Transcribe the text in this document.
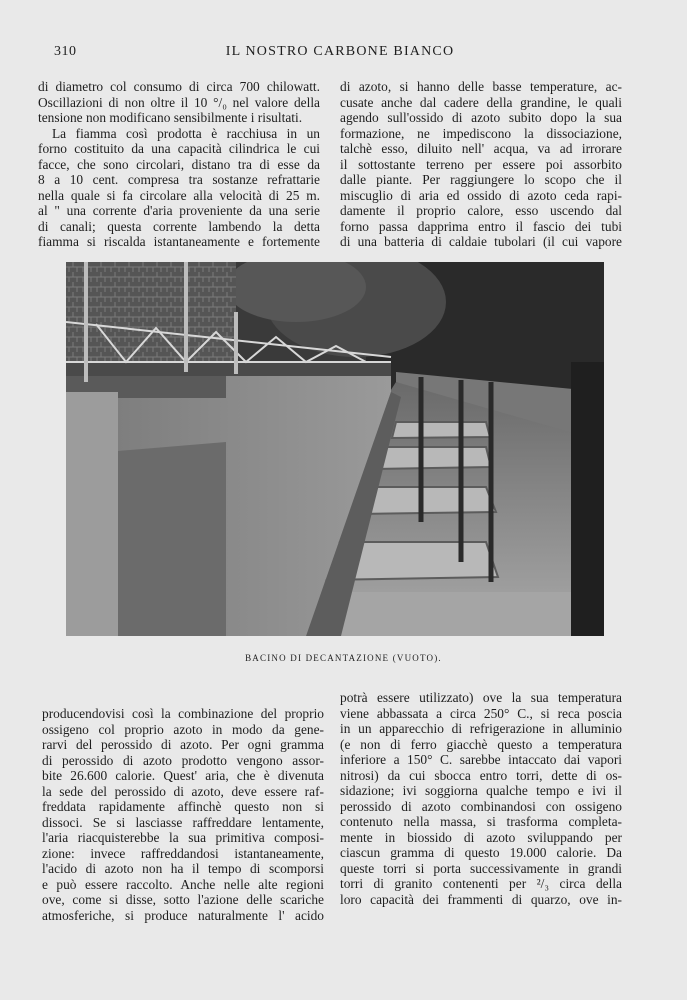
310	IL NOSTRO CARBONE BIANCO
di diametro col consumo di circa 700 chilowatt.
Oscillazioni di non oltre il 10 °/₀ nel valore della
tensione non modificano sensibilmente i risultati.
La fiamma così prodotta è racchiusa in un
forno costituito da una capacità cilindrica le cui
facce, che sono circolari, distano tra di esse da
8 a 10 cent. compresa tra sostanze refrattarie
nella quale si fa circolare alla velocità di 25 m.
al " una corrente d'aria proveniente da una serie
di canali; questa corrente lambendo la detta
fiamma si riscalda istantaneamente e fortemente
di azoto, si hanno delle basse temperature, ac-
cusate anche dal cadere della grandine, le quali
agendo sull'ossido di azoto subito dopo la sua
formazione, ne impediscono la dissociazione,
talchè esso, diluito nell' acqua, va ad irrorare
il sottostante terreno per essere poi assorbito
dalle piante. Per raggiungere lo scopo che il
miscuglio di aria ed ossido di azoto ceda rapi-
damente il proprio calore, esso uscendo dal
forno passa dapprima entro il fascio dei tubi
di una batteria di caldaie tubolari (il cui vapore
BACINO DI DECANTAZIONE (VUOTO).
producendovisi così la combinazione del proprio
ossigeno col proprio azoto in modo da gene-
rarvi del perossido di azoto. Per ogni gramma
di perossido di azoto prodotto vengono assor-
bite 26.600 calorie. Quest' aria, che è divenuta
la sede del perossido di azoto, deve essere raf-
freddata rapidamente affinchè questo non si
dissoci. Se si lasciasse raffreddare lentamente,
l'aria riacquisterebbe la sua primitiva composi-
zione: invece raffreddandosi istantaneamente,
l'acido di azoto non ha il tempo di scomporsi
e può essere raccolto. Anche nelle alte regioni
ove, come si disse, sotto l'azione delle scariche
atmosferiche, si produce naturalmente l' acido
potrà essere utilizzato) ove la sua temperatura
viene abbassata a circa 250° C., si reca poscia
in un apparecchio di refrigerazione in alluminio
(e non di ferro giacchè questo a temperatura
inferiore a 150° C. sarebbe intaccato dai vapori
nitrosi) da cui sbocca entro torri, dette di os-
sidazione; ivi soggiorna qualche tempo e ivi il
perossido di azoto combinandosi con ossigeno
contenuto nella massa, si trasforma completa-
mente in biossido di azoto sviluppando per
ciascun gramma di questo 19.000 calorie. Da
queste torri si porta successivamente in grandi
torri di granito contenenti per ²/₃ circa della
loro capacità dei frammenti di quarzo, ove in-
